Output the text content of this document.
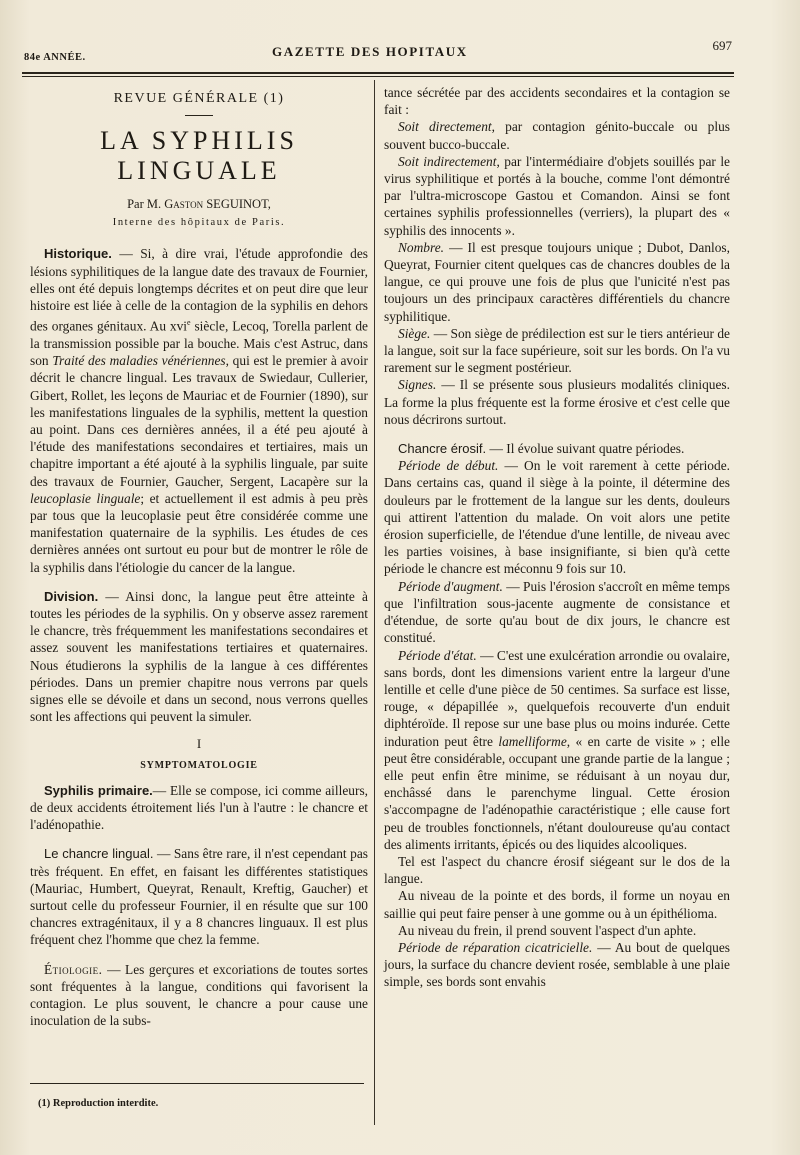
84e ANNÉE.	GAZETTE DES HOPITAUX	697
REVUE GÉNÉRALE (1)
LA SYPHILIS LINGUALE
Par M. Gaston SEGUINOT,
Interne des hôpitaux de Paris.

Historique. — Si, à dire vrai, l'étude approfondie des lésions syphilitiques de la langue date des travaux de Fournier, elles ont été depuis longtemps décrites et on peut dire que leur histoire est liée à celle de la contagion de la syphilis en dehors des organes génitaux. Au xvi$^e$ siècle, Lecoq, Torella parlent de la transmission possible par la bouche. Mais c'est Astruc, dans son Traité des maladies vénériennes, qui est le premier à avoir décrit le chancre lingual. Les travaux de Swiedaur, Cullerier, Gibert, Rollet, les leçons de Mauriac et de Fournier (1890), sur les manifestations linguales de la syphilis, mettent la question au point. Dans ces dernières années, il a été peu ajouté à l'étude des manifestations secondaires et tertiaires, mais un chapitre important a été ajouté à la syphilis linguale, par suite des travaux de Fournier, Gaucher, Sergent, Lacapère sur la leucoplasie linguale; et actuellement il est admis à peu près par tous que la leucoplasie peut être considérée comme une manifestation quaternaire de la syphilis. Les études de ces dernières années ont surtout eu pour but de montrer le rôle de la syphilis dans l'étiologie du cancer de la langue.

Division. — Ainsi donc, la langue peut être atteinte à toutes les périodes de la syphilis. On y observe assez rarement le chancre, très fréquemment les manifestations secondaires et assez souvent les manifestations tertiaires et quaternaires. Nous étudierons la syphilis de la langue à ces différentes périodes. Dans un premier chapitre nous verrons par quels signes elle se dévoile et dans un second, nous verrons quelles sont les affections qui peuvent la simuler.

I
SYMPTOMATOLOGIE

Syphilis primaire.— Elle se compose, ici comme ailleurs, de deux accidents étroitement liés l'un à l'autre : le chancre et l'adénopathie.

Le chancre lingual. — Sans être rare, il n'est cependant pas très fréquent. En effet, en faisant les différentes statistiques (Mauriac, Humbert, Queyrat, Renault, Kreftig, Gaucher) et surtout celle du professeur Fournier, il en résulte que sur 100 chancres extragénitaux, il y a 8 chancres linguaux. Il est plus fréquent chez l'homme que chez la femme.

Étiologie. — Les gerçures et excoriations de toutes sortes sont fréquentes à la langue, conditions qui favorisent la contagion. Le plus souvent, le chancre a pour cause une inoculation de la subs-

(1) Reproduction interdite.

tance sécrétée par des accidents secondaires et la contagion se fait :

Soit directement, par contagion génito-buccale ou plus souvent bucco-buccale.

Soit indirectement, par l'intermédiaire d'objets souillés par le virus syphilitique et portés à la bouche, comme l'ont démontré par l'ultra-microscope Gastou et Comandon. Ainsi se font certaines syphilis professionnelles (verriers), la plupart des « syphilis des innocents ».

Nombre. — Il est presque toujours unique ; Dubot, Danlos, Queyrat, Fournier citent quelques cas de chancres doubles de la langue, ce qui prouve une fois de plus que l'unicité n'est pas toujours un des principaux caractères différentiels du chancre syphilitique.

Siège. — Son siège de prédilection est sur le tiers antérieur de la langue, soit sur la face supérieure, soit sur les bords. On l'a vu rarement sur le segment postérieur.

Signes. — Il se présente sous plusieurs modalités cliniques. La forme la plus fréquente est la forme érosive et c'est celle que nous décrirons surtout.

Chancre érosif. — Il évolue suivant quatre périodes.

Période de début. — On le voit rarement à cette période. Dans certains cas, quand il siège à la pointe, il détermine des douleurs par le frottement de la langue sur les dents, douleurs qui attirent l'attention du malade. On voit alors une petite érosion superficielle, de l'étendue d'une lentille, de niveau avec les parties voisines, à base insignifiante, si bien qu'à cette période le chancre est méconnu 9 fois sur 10.

Période d'augment. — Puis l'érosion s'accroît en même temps que l'infiltration sous-jacente augmente de consistance et d'étendue, de sorte qu'au bout de dix jours, le chancre est constitué.

Période d'état. — C'est une exulcération arrondie ou ovalaire, sans bords, dont les dimensions varient entre la largeur d'une lentille et celle d'une pièce de 50 centimes. Sa surface est lisse, rouge, « dépapillée », quelquefois recouverte d'un enduit diphtéroïde. Il repose sur une base plus ou moins indurée. Cette induration peut être lamelliforme, « en carte de visite » ; elle peut être considérable, occupant une grande partie de la langue ; elle peut enfin être minime, se réduisant à un noyau dur, enchâssé dans le parenchyme lingual. Cette érosion s'accompagne de l'adénopathie caractéristique ; elle cause fort peu de troubles fonctionnels, n'étant douloureuse qu'au contact des aliments irritants, épicés ou des liquides alcooliques.

Tel est l'aspect du chancre érosif siégeant sur le dos de la langue.

Au niveau de la pointe et des bords, il forme un noyau en saillie qui peut faire penser à une gomme ou à un épithélioma.

Au niveau du frein, il prend souvent l'aspect d'un aphte.

Période de réparation cicatricielle. — Au bout de quelques jours, la surface du chancre devient rosée, semblable à une plaie simple, ses bords sont envahis
